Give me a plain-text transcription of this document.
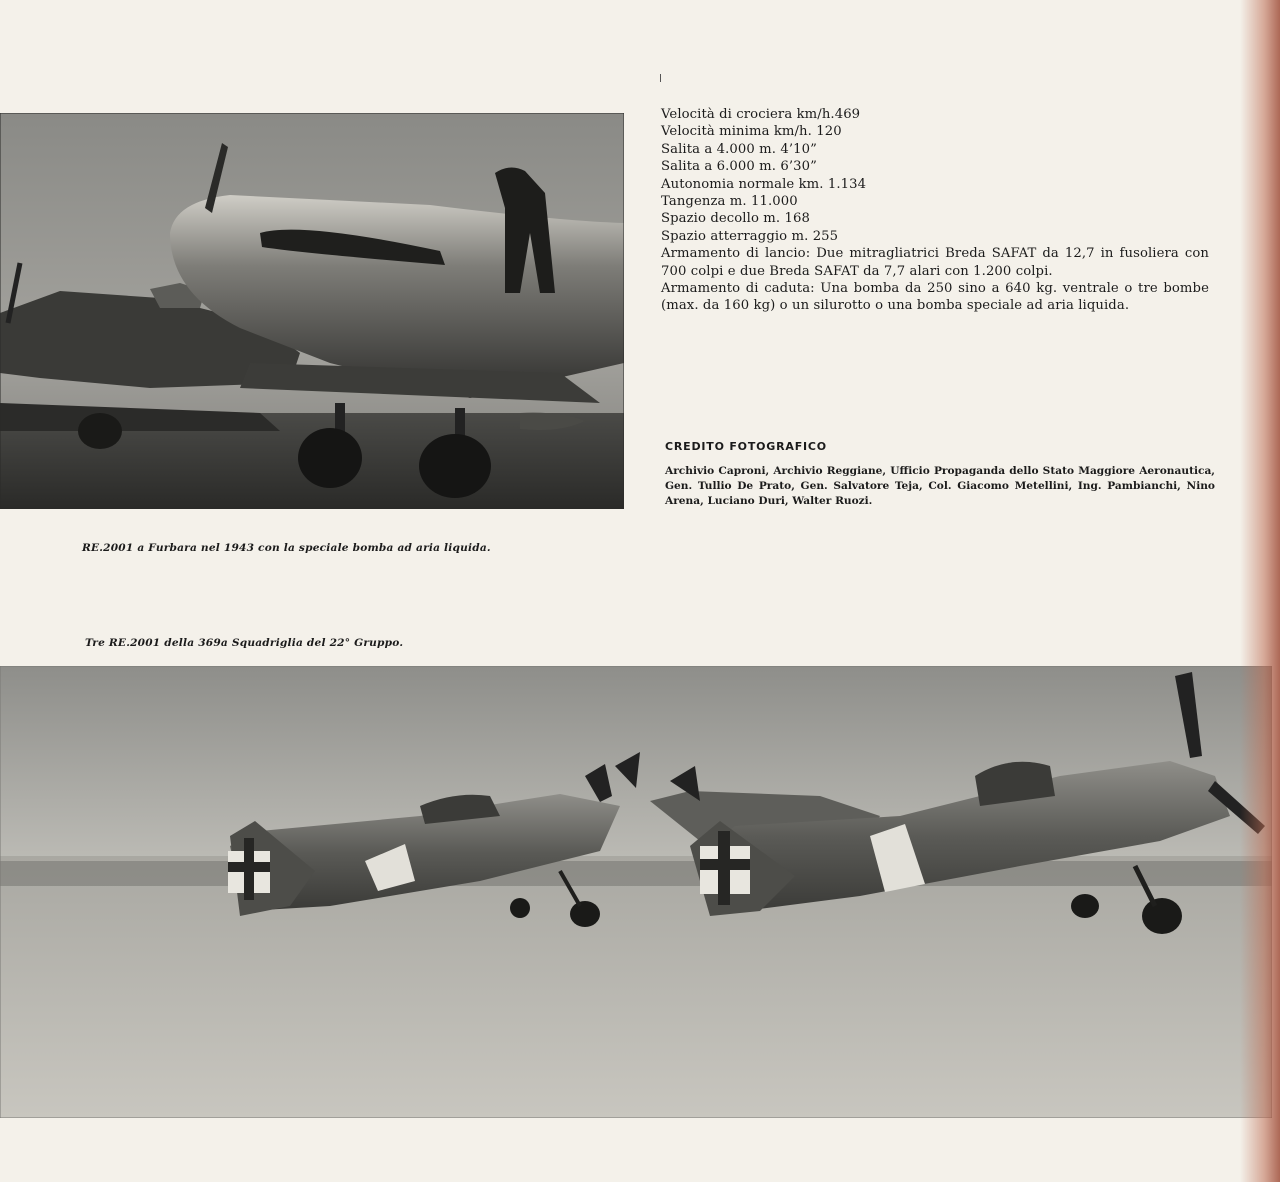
Velocità di crociera km/h.469
Velocità minima km/h. 120
Salita a 4.000 m. 4’10”
Salita a 6.000 m. 6’30”
Autonomia normale km. 1.134
Tangenza m. 11.000
Spazio decollo m. 168
Spazio atterraggio m. 255

Armamento di lancio: Due mitragliatrici Breda SAFAT da 12,7 in fusoliera con 700 colpi e due Breda SAFAT da 7,7 alari con 1.200 colpi.

Armamento di caduta: Una bomba da 250 sino a 640 kg. ventrale o tre bombe (max. da 160 kg) o un silurotto o una bomba speciale ad aria liquida.

CREDITO FOTOGRAFICO
Archivio Caproni, Archivio Reggiane, Ufficio Propaganda dello Stato Maggiore Aeronautica, Gen. Tullio De Prato, Gen. Salvatore Teja, Col. Giacomo Metellini, Ing. Pambianchi, Nino Arena, Luciano Duri, Walter Ruozi.
RE.2001 a Furbara nel 1943 con la speciale bomba ad aria liquida.
Tre RE.2001 della 369a Squadriglia del 22° Gruppo.
